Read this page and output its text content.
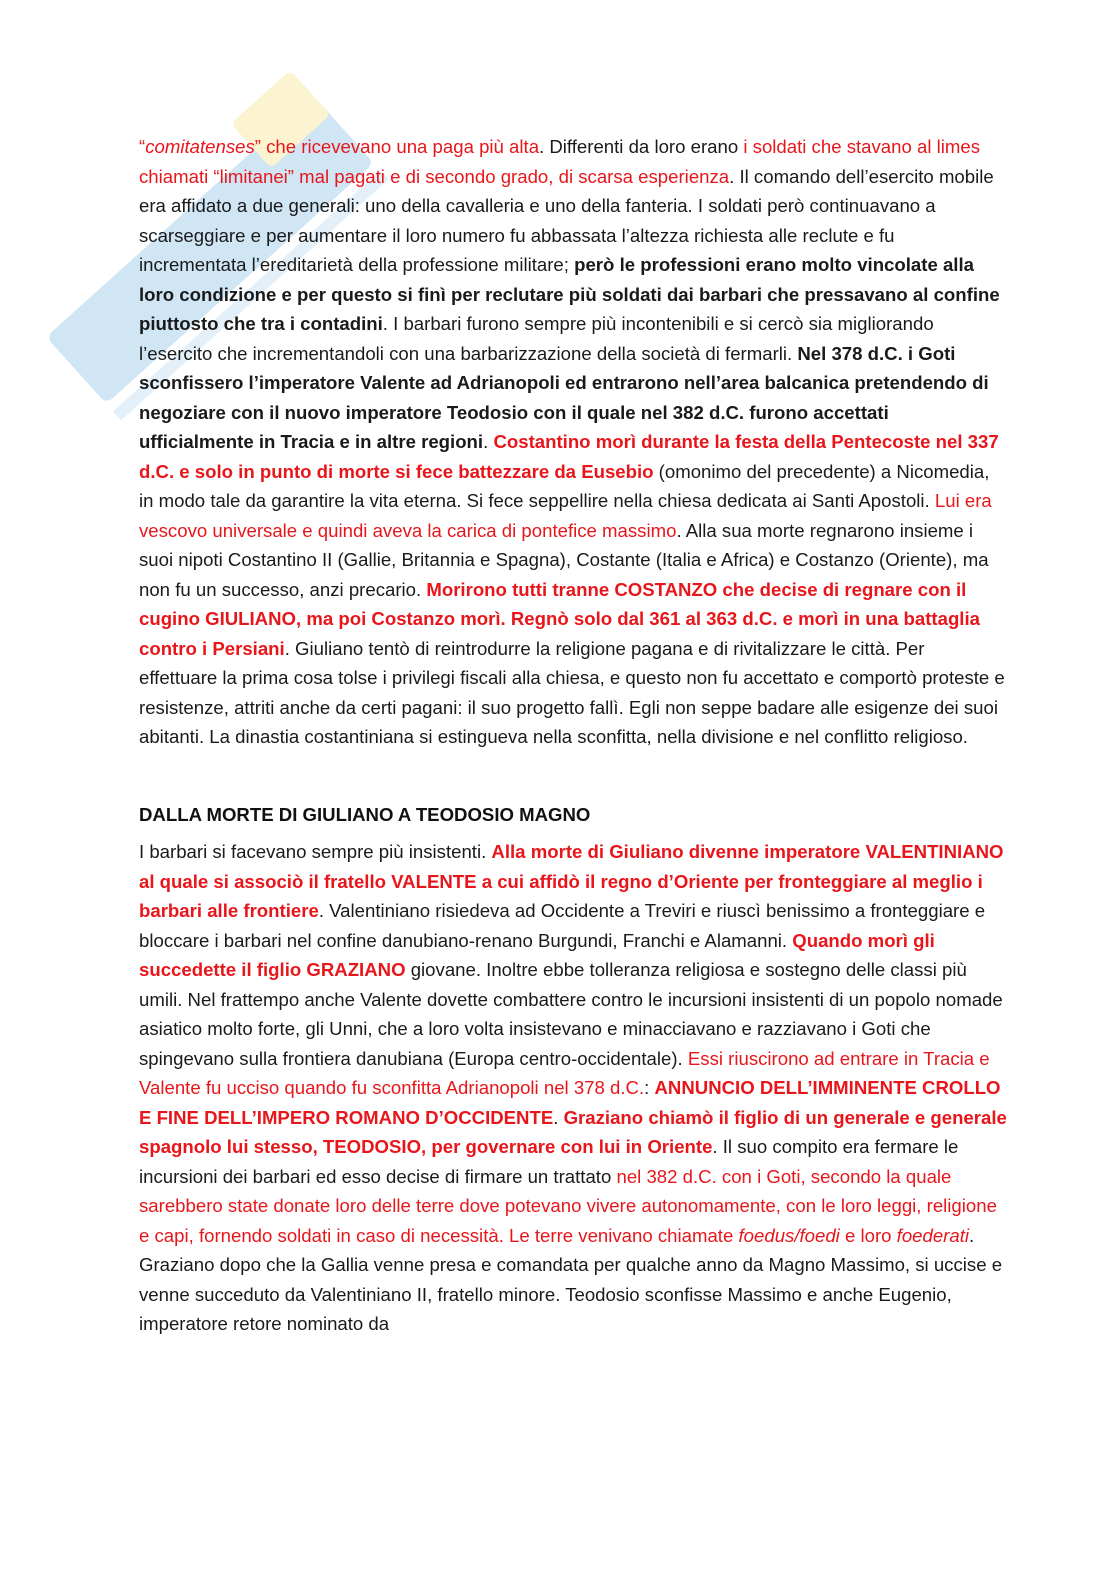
“comitatenses” che ricevevano una paga più alta. Differenti da loro erano i soldati che stavano al limes chiamati “limitanei” mal pagati e di secondo grado, di scarsa esperienza. Il comando dell’esercito mobile era affidato a due generali: uno della cavalleria e uno della fanteria. I soldati però continuavano a scarseggiare e per aumentare il loro numero fu abbassata l’altezza richiesta alle reclute e fu incrementata l’ereditarietà della professione militare; però le professioni erano molto vincolate alla loro condizione e per questo si finì per reclutare più soldati dai barbari che pressavano al confine piuttosto che tra i contadini. I barbari furono sempre più incontenibili e si cercò sia migliorando l’esercito che incrementandoli con una barbarizzazione della società di fermarli. Nel 378 d.C. i Goti sconfissero l’imperatore Valente ad Adrianopoli ed entrarono nell’area balcanica pretendendo di negoziare con il nuovo imperatore Teodosio con il quale nel 382 d.C. furono accettati ufficialmente in Tracia e in altre regioni. Costantino morì durante la festa della Pentecoste nel 337 d.C. e solo in punto di morte si fece battezzare da Eusebio (omonimo del precedente) a Nicomedia, in modo tale da garantire la vita eterna. Si fece seppellire nella chiesa dedicata ai Santi Apostoli. Lui era vescovo universale e quindi aveva la carica di pontefice massimo. Alla sua morte regnarono insieme i suoi nipoti Costantino II (Gallie, Britannia e Spagna), Costante (Italia e Africa) e Costanzo (Oriente), ma non fu un successo, anzi precario. Morirono tutti tranne COSTANZO che decise di regnare con il cugino GIULIANO, ma poi Costanzo morì. Regnò solo dal 361 al 363 d.C. e morì in una battaglia contro i Persiani. Giuliano tentò di reintrodurre la religione pagana e di rivitalizzare le città. Per effettuare la prima cosa tolse i privilegi fiscali alla chiesa, e questo non fu accettato e comportò proteste e resistenze, attriti anche da certi pagani: il suo progetto fallì. Egli non seppe badare alle esigenze dei suoi abitanti. La dinastia costantiniana si estingueva nella sconfitta, nella divisione e nel conflitto religioso.

DALLA MORTE DI GIULIANO A TEODOSIO MAGNO

I barbari si facevano sempre più insistenti. Alla morte di Giuliano divenne imperatore VALENTINIANO al quale si associò il fratello VALENTE a cui affidò il regno d’Oriente per fronteggiare al meglio i barbari alle frontiere. Valentiniano risiedeva ad Occidente a Treviri e riuscì benissimo a fronteggiare e bloccare i barbari nel confine danubiano-renano Burgundi, Franchi e Alamanni. Quando morì gli succedette il figlio GRAZIANO giovane. Inoltre ebbe tolleranza religiosa e sostegno delle classi più umili. Nel frattempo anche Valente dovette combattere contro le incursioni insistenti di un popolo nomade asiatico molto forte, gli Unni, che a loro volta insistevano e minacciavano e razziavano i Goti che spingevano sulla frontiera danubiana (Europa centro-occidentale). Essi riuscirono ad entrare in Tracia e Valente fu ucciso quando fu sconfitta Adrianopoli nel 378 d.C.: ANNUNCIO DELL’IMMINENTE CROLLO E FINE DELL’IMPERO ROMANO D’OCCIDENTE. Graziano chiamò il figlio di un generale e generale spagnolo lui stesso, TEODOSIO, per governare con lui in Oriente. Il suo compito era fermare le incursioni dei barbari ed esso decise di firmare un trattato nel 382 d.C. con i Goti, secondo la quale sarebbero state donate loro delle terre dove potevano vivere autonomamente, con le loro leggi, religione e capi, fornendo soldati in caso di necessità. Le terre venivano chiamate foedus/foedi e loro foederati. Graziano dopo che la Gallia venne presa e comandata per qualche anno da Magno Massimo, si uccise e venne succeduto da Valentiniano II, fratello minore. Teodosio sconfisse Massimo e anche Eugenio, imperatore retore nominato da
